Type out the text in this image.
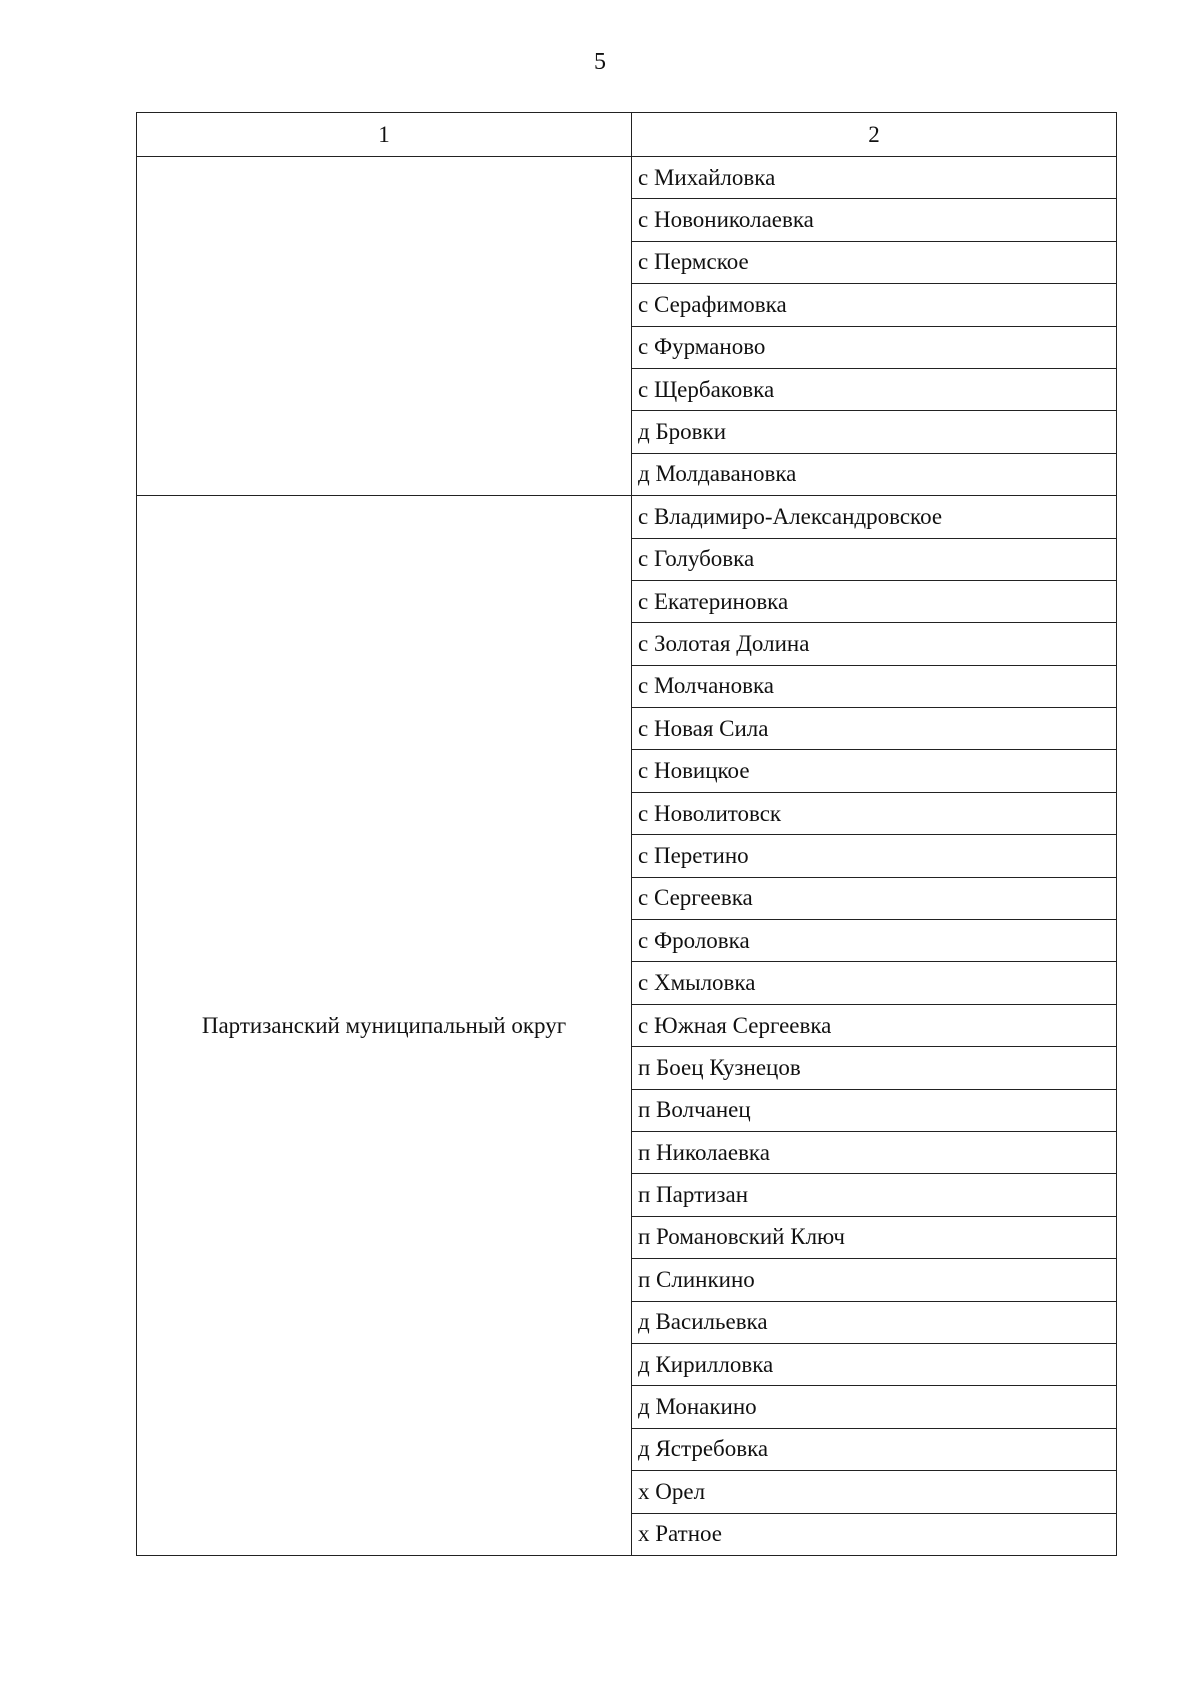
5
1	2
	с Михайловка
	с Новониколаевка
	с Пермское
	с Серафимовка
	с Фурманово
	с Щербаковка
	д Бровки
	д Молдавановка
Партизанский муниципальный округ	с Владимиро-Александровское
	с Голубовка
	с Екатериновка
	с Золотая Долина
	с Молчановка
	с Новая Сила
	с Новицкое
	с Новолитовск
	с Перетино
	с Сергеевка
	с Фроловка
	с Хмыловка
	с Южная Сергеевка
	п Боец Кузнецов
	п Волчанец
	п Николаевка
	п Партизан
	п Романовский Ключ
	п Слинкино
	д Васильевка
	д Кирилловка
	д Монакино
	д Ястребовка
	х Орел
	х Ратное
